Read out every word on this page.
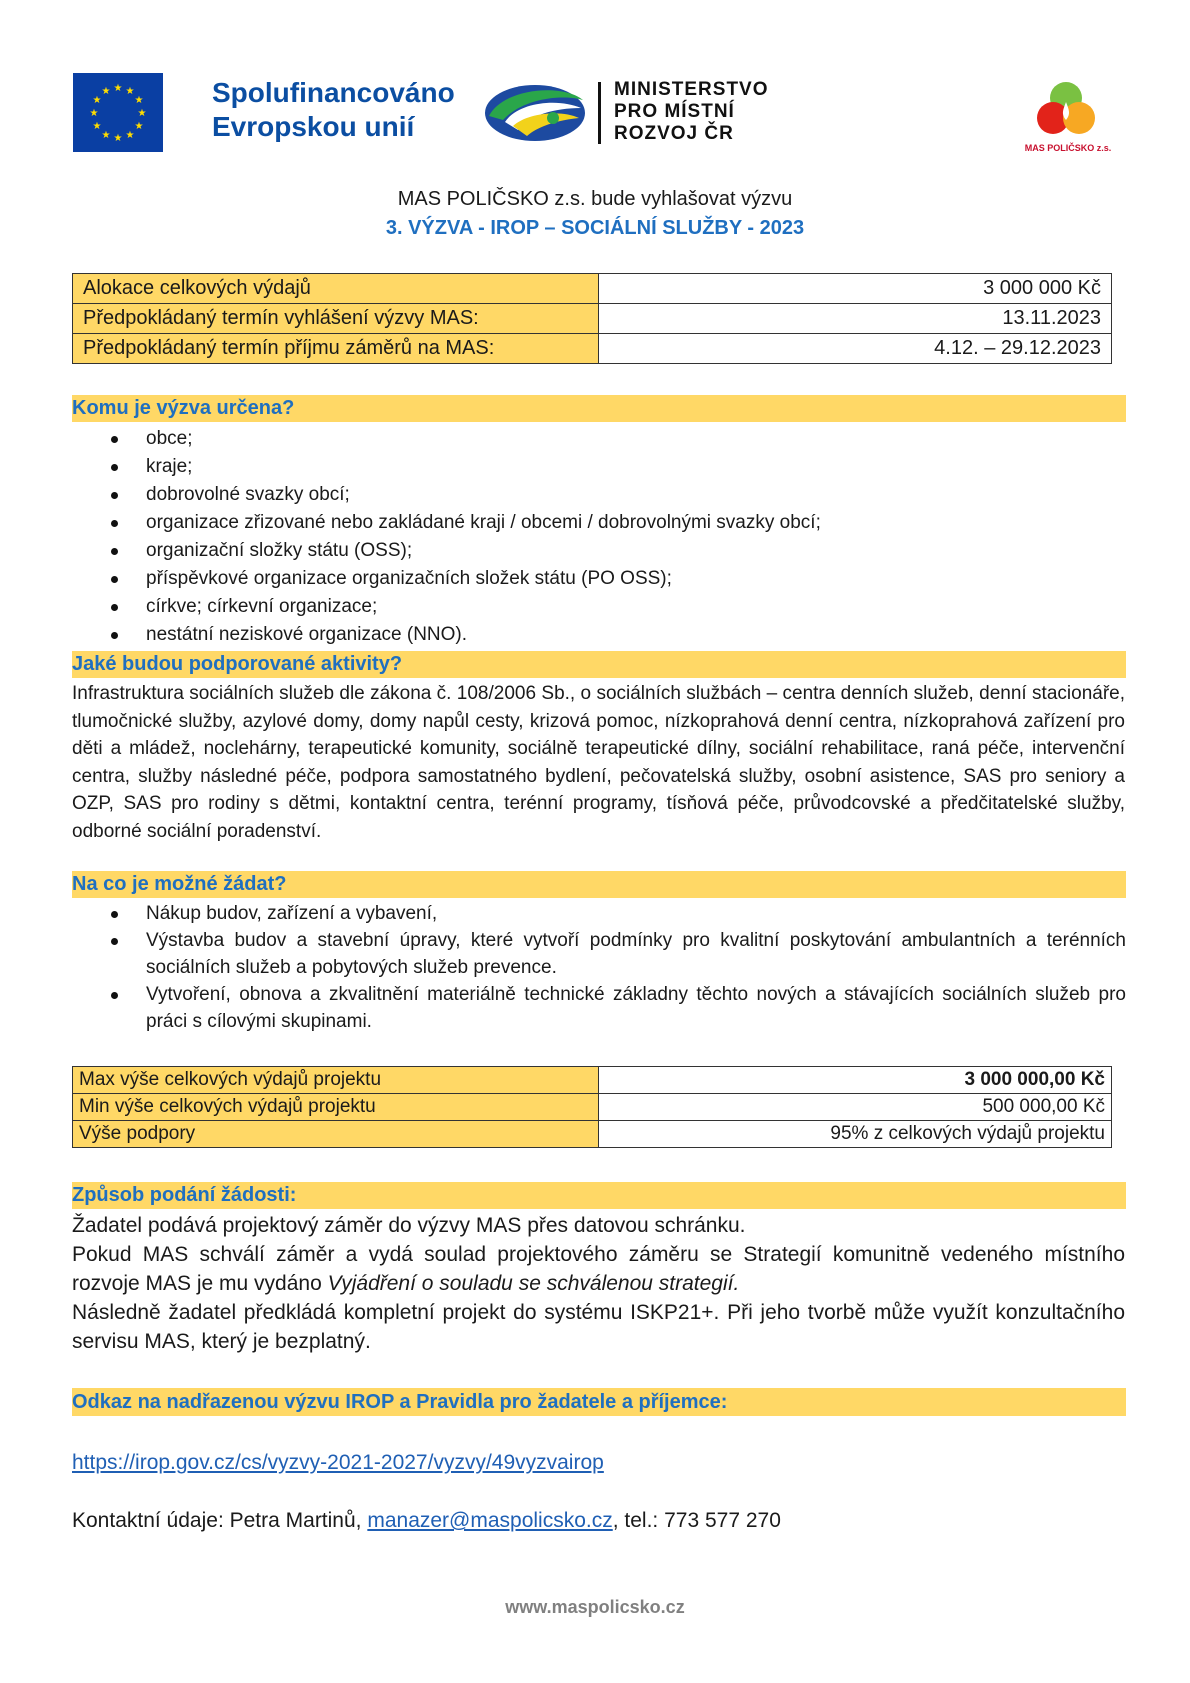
★ ★
★
★
★
★
★
★
★
★
★
★	Spolufinancováno
Evropskou unií
MINISTERSTVO
PRO MÍSTNÍ
ROZVOJ ČR
MAS POLIČSKO z.s.
MAS POLIČSKO z.s. bude vyhlašovat výzvu
3. VÝZVA - IROP – SOCIÁLNÍ SLUŽBY - 2023
Alokace celkových výdajů	3 000 000 Kč
Předpokládaný termín vyhlášení výzvy MAS:	13.11.2023
Předpokládaný termín příjmu záměrů na MAS:	4.12. – 29.12.2023
Komu je výzva určena?
obce;
kraje;
dobrovolné svazky obcí;
organizace zřizované nebo zakládané kraji / obcemi / dobrovolnými svazky obcí;
organizační složky státu (OSS);
příspěvkové organizace organizačních složek státu (PO OSS);
církve; církevní organizace;
nestátní neziskové organizace (NNO).
Jaké budou podporované aktivity?
Infrastruktura sociálních služeb dle zákona č. 108/2006 Sb., o sociálních službách – centra denních služeb, denní stacionáře, tlumočnické služby, azylové domy, domy napůl cesty, krizová pomoc, nízkoprahová denní centra, nízkoprahová zařízení pro děti a mládež, noclehárny, terapeutické komunity, sociálně terapeutické dílny, sociální rehabilitace, raná péče, intervenční centra, služby následné péče, podpora samostatného bydlení, pečovatelská služby, osobní asistence, SAS pro seniory a OZP, SAS pro rodiny s dětmi, kontaktní centra, terénní programy, tísňová péče, průvodcovské a předčitatelské služby, odborné sociální poradenství.
Na co je možné žádat?
Nákup budov, zařízení a vybavení,
Výstavba budov a stavební úpravy, které vytvoří podmínky pro kvalitní poskytování ambulantních a terénních sociálních služeb a pobytových služeb prevence.
Vytvoření, obnova a zkvalitnění materiálně technické základny těchto nových a stávajících sociálních služeb pro práci s cílovými skupinami.
Max výše celkových výdajů projektu	3 000 000,00 Kč
Min výše celkových výdajů projektu	500 000,00 Kč
Výše podpory	95% z celkových výdajů projektu
Způsob podání žádosti:

Žadatel podává projektový záměr do výzvy MAS přes datovou schránku.

Pokud MAS schválí záměr a vydá soulad projektového záměru se Strategií komunitně vedeného místního rozvoje MAS je mu vydáno Vyjádření o souladu se schválenou strategií.

Následně žadatel předkládá kompletní projekt do systému ISKP21+. Při jeho tvorbě může využít konzultačního servisu MAS, který je bezplatný.

Odkaz na nadřazenou výzvu IROP a Pravidla pro žadatele a příjemce:
https://irop.gov.cz/cs/vyzvy-2021-2027/vyzvy/49vyzvairop
Kontaktní údaje: Petra Martinů, manazer@maspolicsko.cz, tel.: 773 577 270
www.maspolicsko.cz
